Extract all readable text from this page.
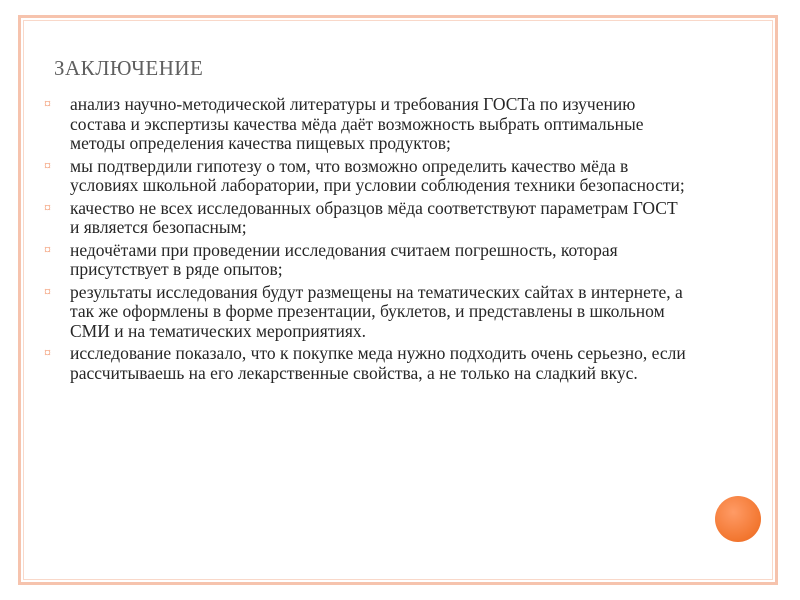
ЗАКЛЮЧЕНИЕ
¤ анализ научно-методической литературы и требования ГОСТа по изучению состава и экспертизы качества мёда даёт возможность выбрать оптимальные методы определения качества пищевых продуктов;
¤ мы подтвердили гипотезу о том, что возможно определить качество мёда в условиях школьной лаборатории, при условии соблюдения техники безопасности;
¤ качество не всех исследованных образцов мёда соответствуют параметрам ГОСТ и является безопасным;
¤ недочётами при проведении исследования считаем погрешность, которая присутствует в ряде опытов;
¤ результаты исследования будут размещены на тематических сайтах в интернете, а так же оформлены в форме презентации, буклетов, и представлены в школьном СМИ и на тематических мероприятиях.
¤ исследование показало, что к покупке меда нужно подходить очень серьезно, если рассчитываешь на его лекарственные свойства, а не только на сладкий вкус.
